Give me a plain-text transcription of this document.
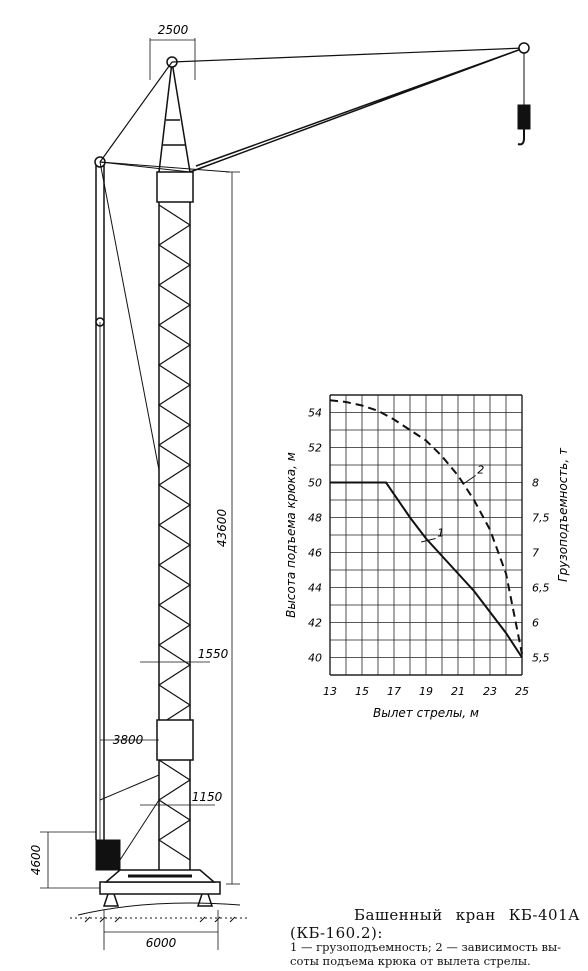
2500
43600
1550
3800
1150
4600
6000
13 15 17 19 21 23 25
40
42
44
46
48
50
52
54
5,5
6
6,5
7
7,5
8
Вылет стрелы, м
Высота подъема крюка, м	Грузоподъемность, т
1
2
Башенный кран КБ-401А
(КБ-160.2):
1 — грузоподъемность; 2 — зависимость вы-
соты подъема крюка от вылета стрелы.
